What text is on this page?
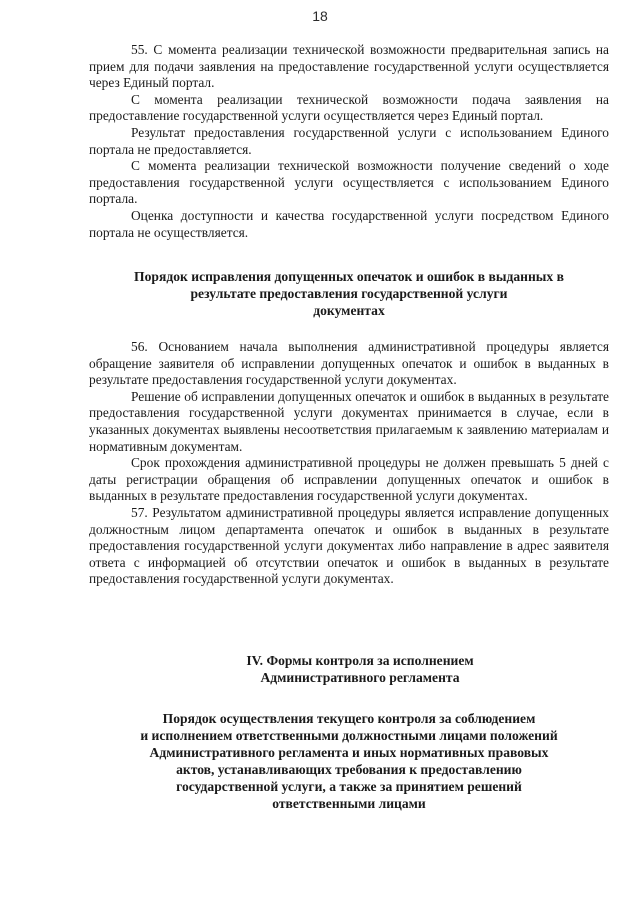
18

55. С момента реализации технической возможности предварительная запись на прием для подачи заявления на предоставление государственной услуги осуществляется через Единый портал.

С момента реализации технической возможности подача заявления на предоставление государственной услуги осуществляется через Единый портал.

Результат предоставления государственной услуги с использованием Единого портала не предоставляется.

С момента реализации технической возможности получение сведений о ходе предоставления государственной услуги осуществляется с использованием Единого портала.

Оценка доступности и качества государственной услуги посредством Единого портала не осуществляется.

Порядок исправления допущенных опечаток и ошибок в выданных в
результате предоставления государственной услуги
документах

56. Основанием начала выполнения административной процедуры является обращение заявителя об исправлении допущенных опечаток и ошибок в выданных в результате предоставления государственной услуги документах.

Решение об исправлении допущенных опечаток и ошибок в выданных в результате предоставления государственной услуги документах принимается в случае, если в указанных документах выявлены несоответствия прилагаемым к заявлению материалам и нормативным документам.

Срок прохождения административной процедуры не должен превышать 5 дней с даты регистрации обращения об исправлении допущенных опечаток и ошибок в выданных в результате предоставления государственной услуги документах.

57. Результатом административной процедуры является исправление допущенных должностным лицом департамента опечаток и ошибок в выданных в результате предоставления государственной услуги документах либо направление в адрес заявителя ответа с информацией об отсутствии опечаток и ошибок в выданных в результате предоставления государственной услуги документах.

IV. Формы контроля за исполнением
Административного регламента
Порядок осуществления текущего контроля за соблюдением
и исполнением ответственными должностными лицами положений
Административного регламента и иных нормативных правовых
актов, устанавливающих требования к предоставлению
государственной услуги, а также за принятием решений
ответственными лицами
